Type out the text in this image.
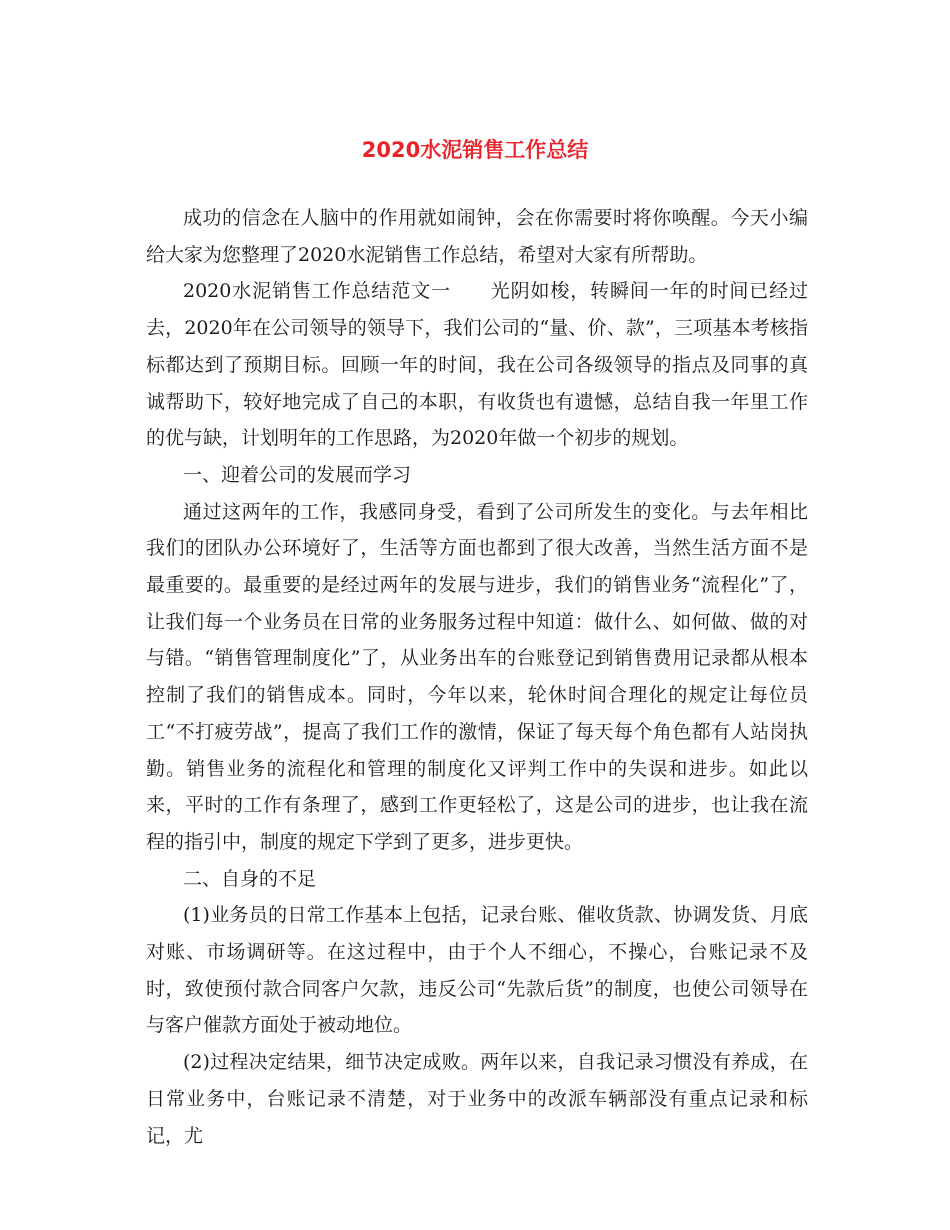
2020水泥销售工作总结

成功的信念在人脑中的作用就如闹钟，会在你需要时将你唤醒。今天小编给大家为您整理了2020水泥销售工作总结，希望对大家有所帮助。

2020水泥销售工作总结范文一　　光阴如梭，转瞬间一年的时间已经过去，2020年在公司领导的领导下，我们公司的“量、价、款”，三项基本考核指标都达到了预期目标。回顾一年的时间，我在公司各级领导的指点及同事的真诚帮助下，较好地完成了自己的本职，有收货也有遗憾，总结自我一年里工作的优与缺，计划明年的工作思路，为2020年做一个初步的规划。

一、迎着公司的发展而学习

通过这两年的工作，我感同身受，看到了公司所发生的变化。与去年相比我们的团队办公环境好了，生活等方面也都到了很大改善，当然生活方面不是最重要的。最重要的是经过两年的发展与进步，我们的销售业务“流程化”了，让我们每一个业务员在日常的业务服务过程中知道：做什么、如何做、做的对与错。“销售管理制度化”了，从业务出车的台账登记到销售费用记录都从根本控制了我们的销售成本。同时，今年以来，轮休时间合理化的规定让每位员工“不打疲劳战”，提高了我们工作的激情，保证了每天每个角色都有人站岗执勤。销售业务的流程化和管理的制度化又评判工作中的失误和进步。如此以来，平时的工作有条理了，感到工作更轻松了，这是公司的进步，也让我在流程的指引中，制度的规定下学到了更多，进步更快。

二、自身的不足

(1)业务员的日常工作基本上包括，记录台账、催收货款、协调发货、月底对账、市场调研等。在这过程中，由于个人不细心，不操心，台账记录不及时，致使预付款合同客户欠款，违反公司“先款后货”的制度，也使公司领导在与客户催款方面处于被动地位。

(2)过程决定结果，细节决定成败。两年以来，自我记录习惯没有养成，在日常业务中，台账记录不清楚，对于业务中的改派车辆部没有重点记录和标记，尤
